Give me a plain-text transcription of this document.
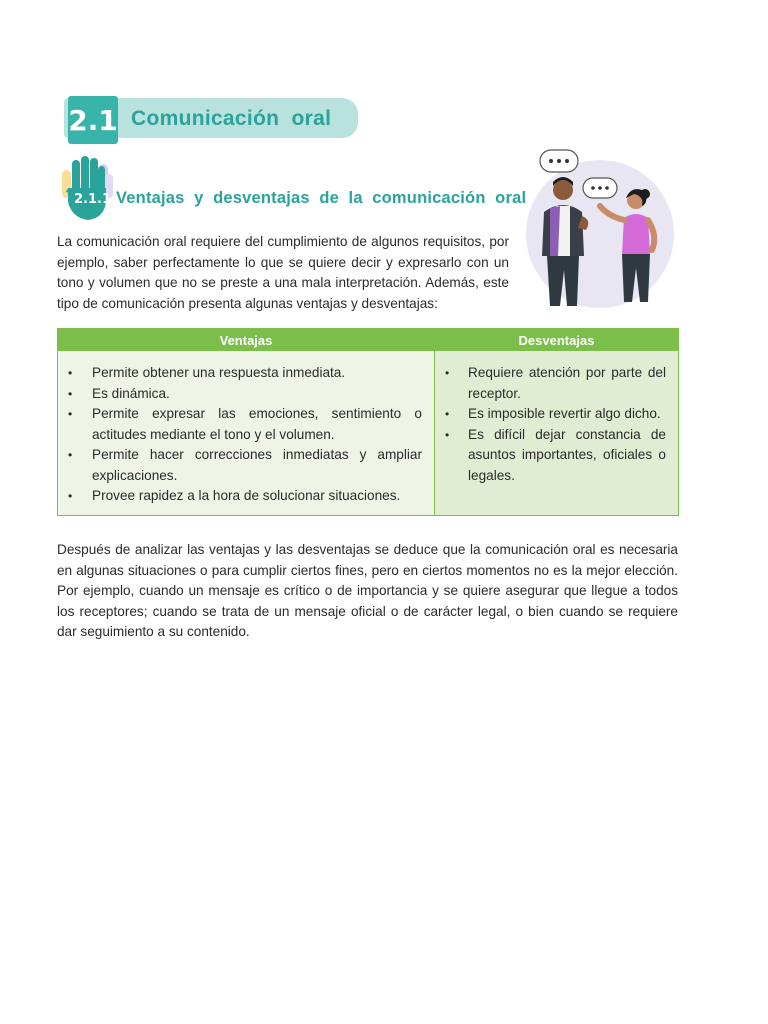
2.1 Comunicación  oral
2.1.1 Ventajas  y  desventajas  de  la  comunicación  oral

La comunicación oral requiere del cumplimiento de algunos requisitos, por ejemplo, saber perfectamente lo que se quiere decir y expresarlo con un tono y volumen que no se preste a una mala interpretación. Además, este tipo de comunicación presenta algunas ventajas y desventajas:

Ventajas
• Permite obtener una respuesta inmediata.
• Es dinámica.
• Permite expresar las emociones, sentimiento o actitudes mediante el tono y el volumen.
• Permite hacer correcciones inmediatas y ampliar explicaciones.
• Provee rapidez a la hora de solucionar situaciones.
Desventajas
• Requiere atención por parte del receptor.
• Es imposible revertir algo dicho.
• Es difícil dejar constancia de asuntos importantes, oficiales o legales.

Después de analizar las ventajas y las desventajas se deduce que la comunicación oral es necesaria en algunas situaciones o para cumplir ciertos fines, pero en ciertos momentos no es la mejor elección. Por ejemplo, cuando un mensaje es crítico o de importancia y se quiere asegurar que llegue a todos los receptores; cuando se trata de un mensaje oficial o de carácter legal, o bien cuando se requiere dar seguimiento a su contenido.
